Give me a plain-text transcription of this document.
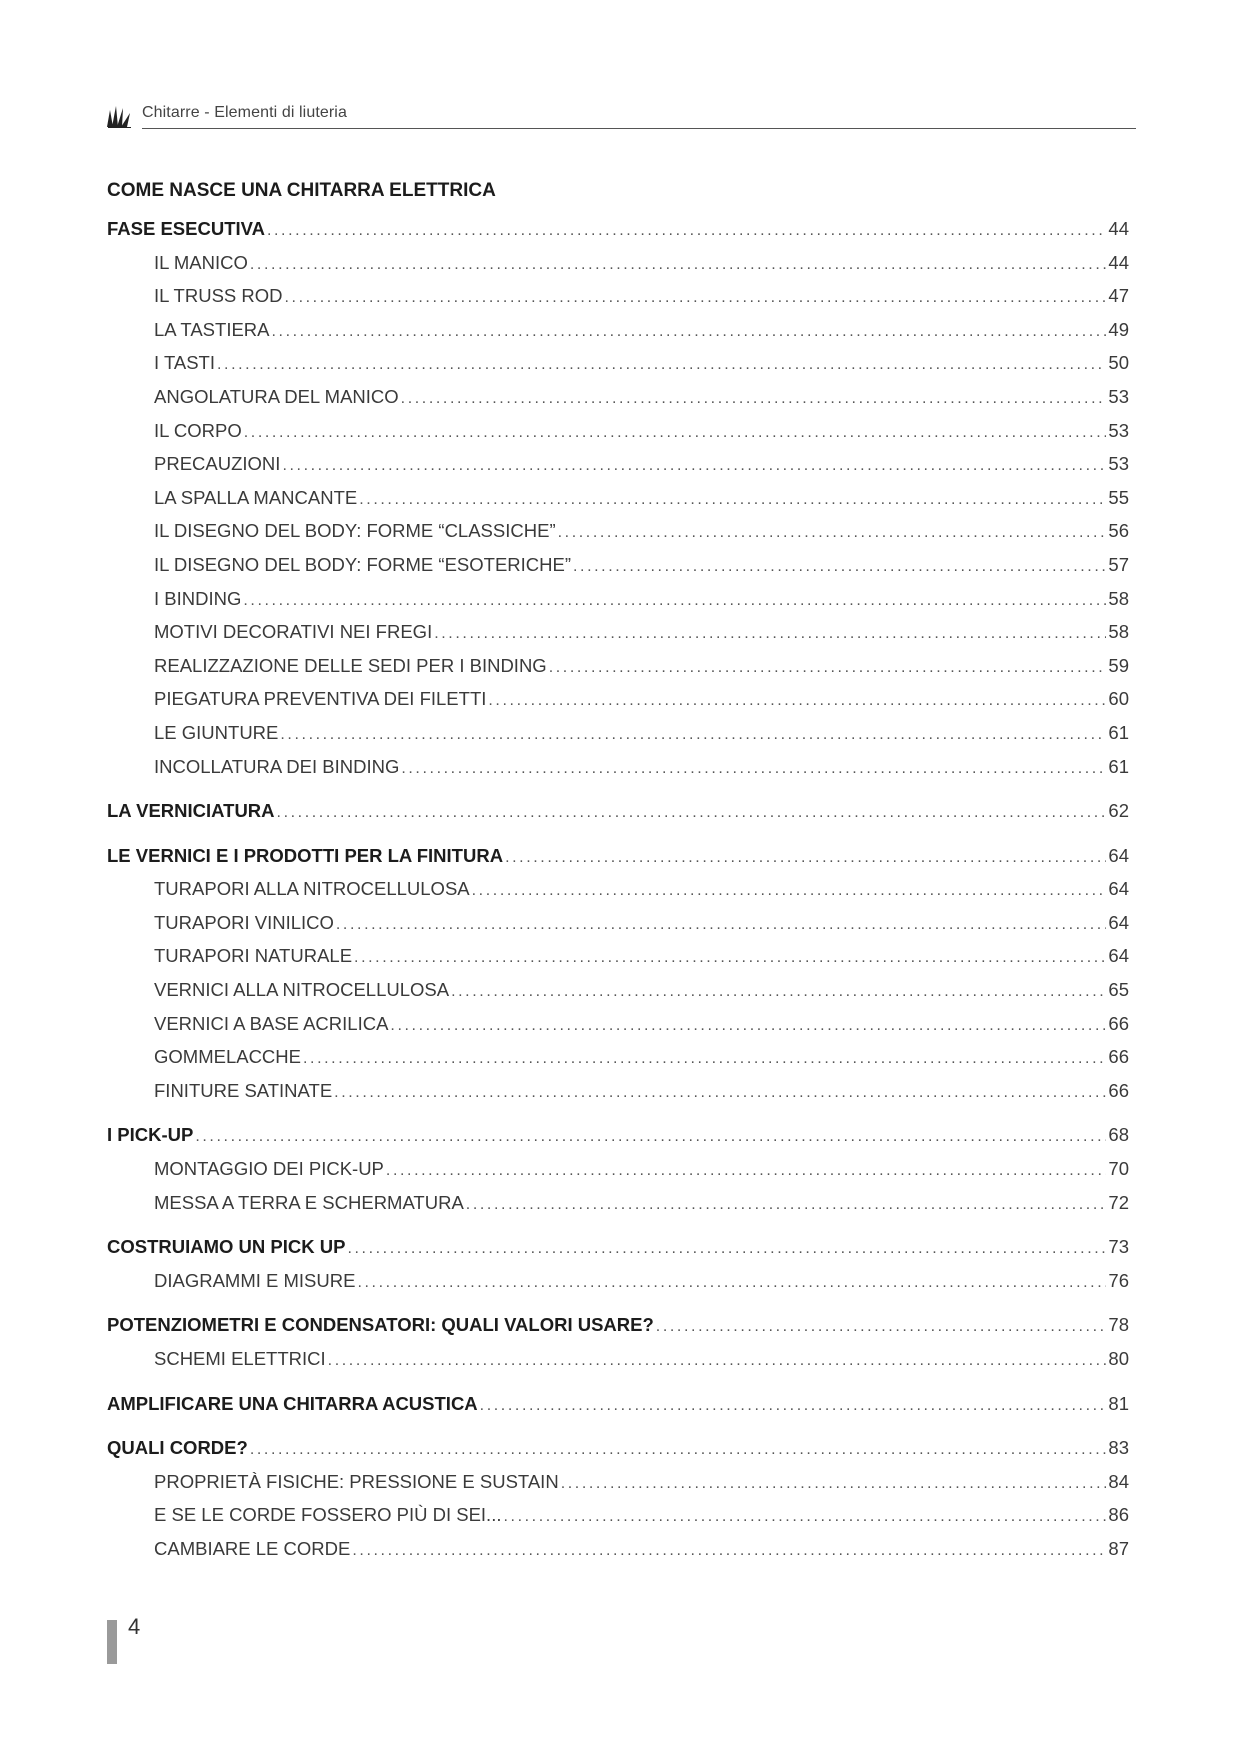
Chitarre - Elementi di liuteria
COME NASCE UNA CHITARRA ELETTRICA
FASE ESECUTIVA .....	44
IL MANICO .....	44
IL TRUSS ROD .....	47
LA TASTIERA .....	49
I TASTI .....	50
ANGOLATURA DEL MANICO .....	53
IL CORPO .....	53
PRECAUZIONI .....	53
LA SPALLA MANCANTE .....	55
IL DISEGNO DEL BODY: FORME “CLASSICHE” .....	56
IL DISEGNO DEL BODY: FORME “ESOTERICHE” .....	57
I BINDING .....	58
MOTIVI DECORATIVI NEI FREGI .....	58
REALIZZAZIONE DELLE SEDI PER I BINDING .....	59
PIEGATURA PREVENTIVA DEI FILETTI .....	60
LE GIUNTURE .....	61
INCOLLATURA DEI BINDING .....	61
LA VERNICIATURA .....	62
LE VERNICI E I PRODOTTI PER LA FINITURA .....	64
TURAPORI ALLA NITROCELLULOSA .....	64
TURAPORI VINILICO .....	64
TURAPORI NATURALE .....	64
VERNICI ALLA NITROCELLULOSA .....	65
VERNICI A BASE ACRILICA .....	66
GOMMELACCHE .....	66
FINITURE SATINATE .....	66
I PICK-UP .....	68
MONTAGGIO DEI PICK-UP .....	70
MESSA A TERRA E SCHERMATURA .....	72
COSTRUIAMO UN PICK UP .....	73
DIAGRAMMI E MISURE .....	76
POTENZIOMETRI E CONDENSATORI: QUALI VALORI USARE? .....	78
SCHEMI ELETTRICI .....	80
AMPLIFICARE UNA CHITARRA ACUSTICA .....	81
QUALI CORDE? .....	83
PROPRIETÀ FISICHE: PRESSIONE E SUSTAIN .....	84
E SE LE CORDE FOSSERO PIÙ DI SEI... .....	86
CAMBIARE LE CORDE .....	87
4
